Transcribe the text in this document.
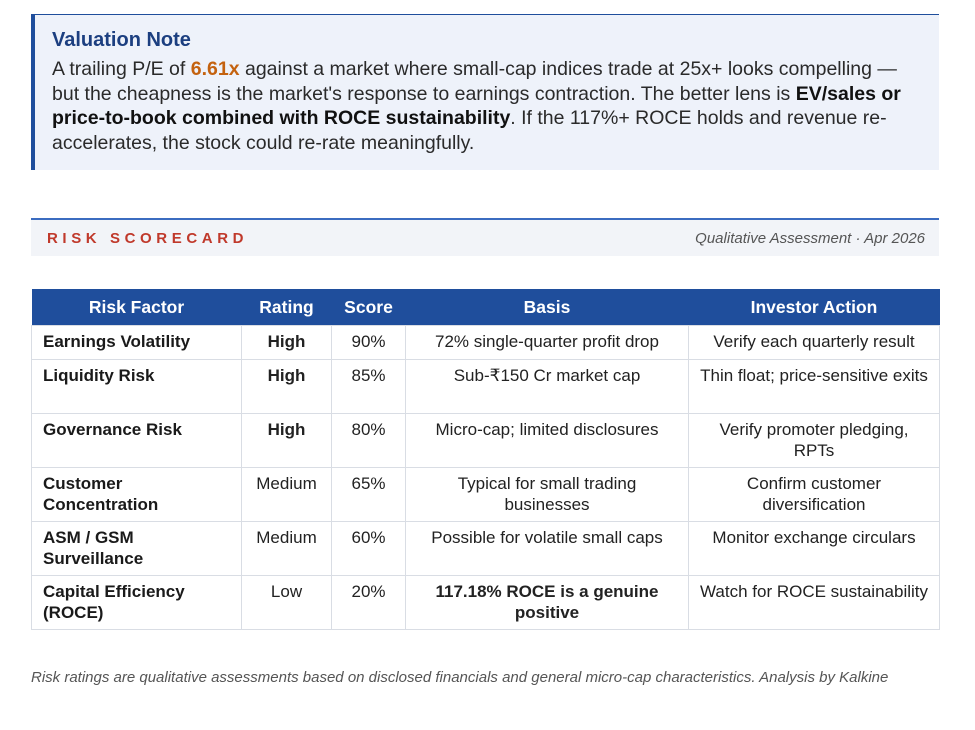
Valuation Note
A trailing P/E of 6.61x against a market where small-cap indices trade at 25x+ looks compelling — but the cheapness is the market's response to earnings contraction. The better lens is EV/sales or price-to-book combined with ROCE sustainability. If the 117%+ ROCE holds and revenue re-accelerates, the stock could re-rate meaningfully.
RISK SCORECARD	Qualitative Assessment · Apr 2026
Risk Factor	Rating	Score	Basis	Investor Action
Earnings Volatility	High	90%	72% single-quarter profit drop	Verify each quarterly result
Liquidity Risk	High	85%	Sub-₹150 Cr market cap	Thin float; price-sensitive exits
Governance Risk	High	80%	Micro-cap; limited disclosures	Verify promoter pledging, RPTs
Customer Concentration	Medium	65%	Typical for small trading businesses	Confirm customer diversification
ASM / GSM Surveillance	Medium	60%	Possible for volatile small caps	Monitor exchange circulars
Capital Efficiency (ROCE)	Low	20%	117.18% ROCE is a genuine positive	Watch for ROCE sustainability
Risk ratings are qualitative assessments based on disclosed financials and general micro-cap characteristics. Analysis by Kalkine
